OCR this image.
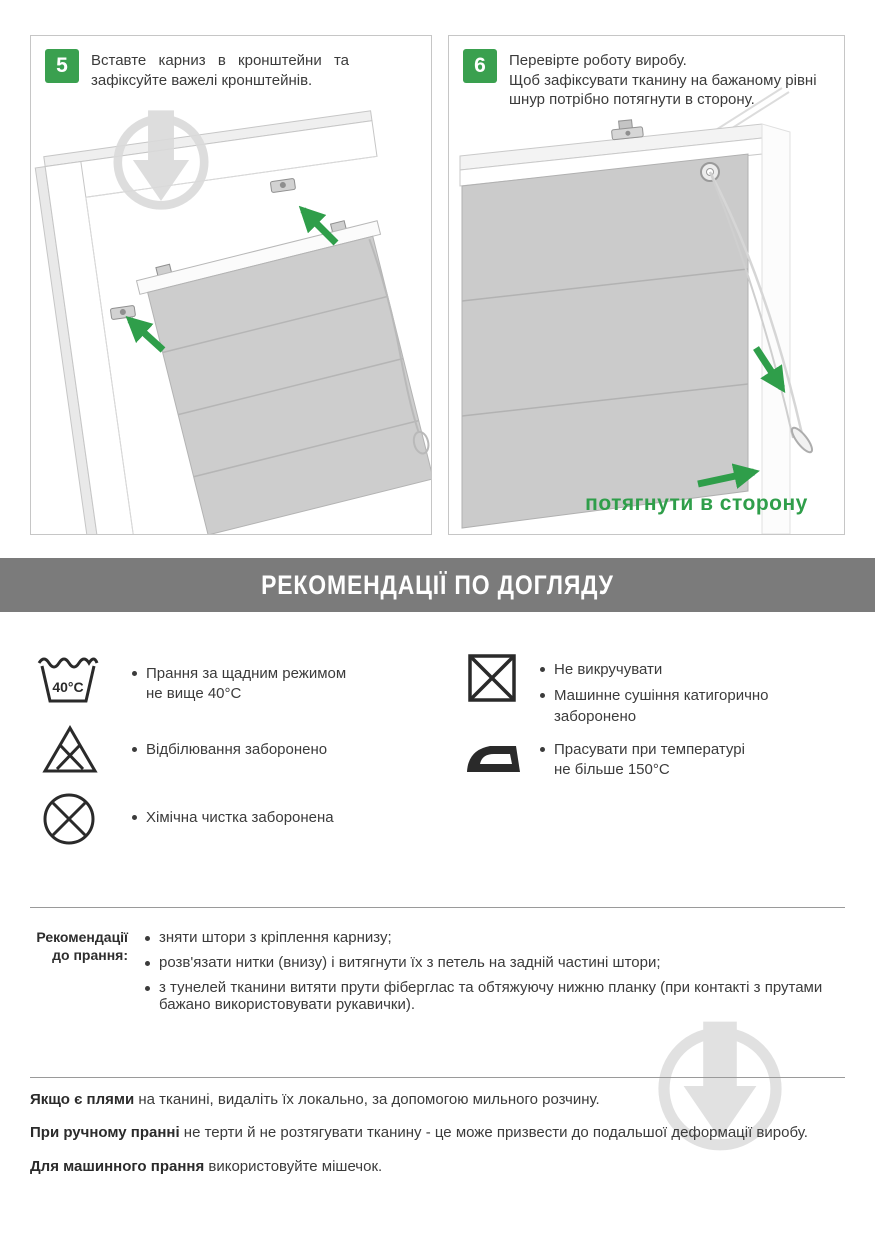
5	Вставте карниз в кронштейни та зафіксуйте важелі кронштейнів.
6	Перевірте роботу виробу.
Щоб зафіксувати тканину на бажаному рівні шнур потрібно потягнути в сторону.
потягнути в сторону
РЕКОМЕНДАЦІЇ ПО ДОГЛЯДУ
40°C
Прання за щадним режимом не вище 40°С
Відбілювання заборонено
Хімічна чистка заборонена
Не викручувати
Машинне сушіння катигорично заборонено
Прасувати при температурі не більше 150°С
Рекомендації до прання:
зняти штори з кріплення карнизу;
розв'язати нитки (внизу) і витягнути їх з петель на задній частині штори;
з тунелей тканини витяти прути фіберглас та обтяжуючу нижню планку (при контакті з прутами бажано використовувати рукавички).

Якщо є плями на тканині, видаліть їх локально, за допомогою мильного розчину.

При ручному пранні не терти й не розтягувати тканину - це може призвести до подальшої деформації виробу.

Для машинного прання використовуйте мішечок.
